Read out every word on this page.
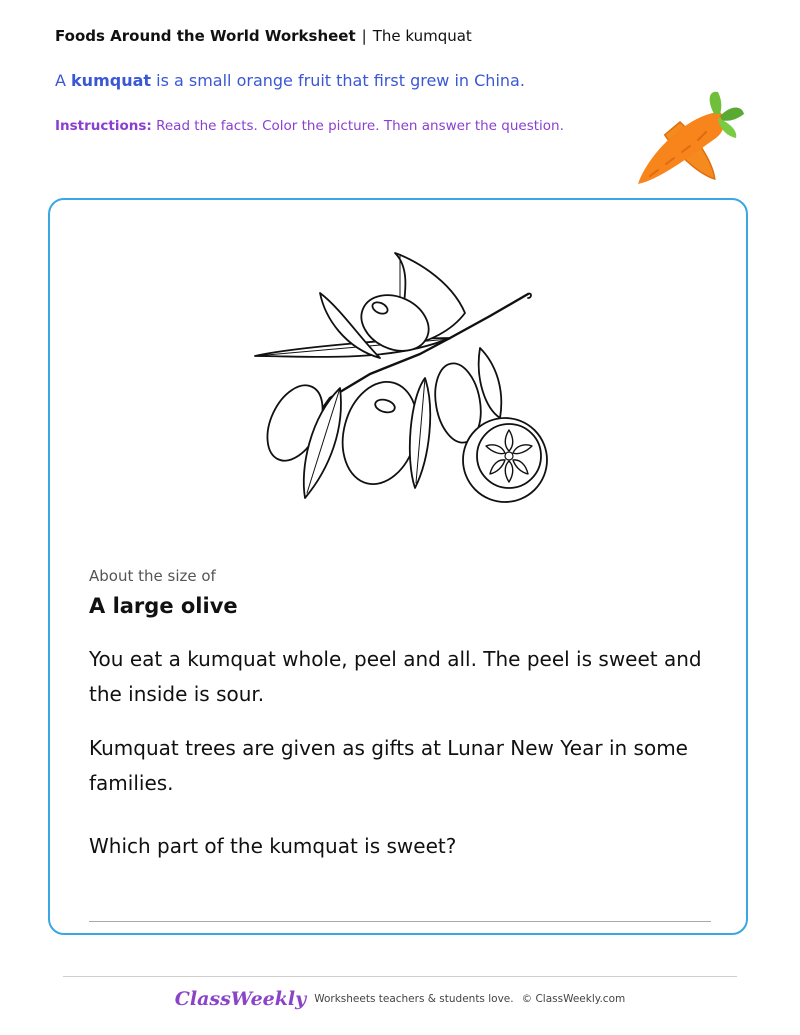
Foods Around the World Worksheet | The kumquat
A kumquat is a small orange fruit that first grew in China.
Instructions: Read the facts. Color the picture. Then answer the question.
About the size of
A large olive
You eat a kumquat whole, peel and all. The peel is sweet and the inside is sour.
Kumquat trees are given as gifts at Lunar New Year in some families.
Which part of the kumquat is sweet?
ClassWeekly Worksheets teachers & students love. © ClassWeekly.com
